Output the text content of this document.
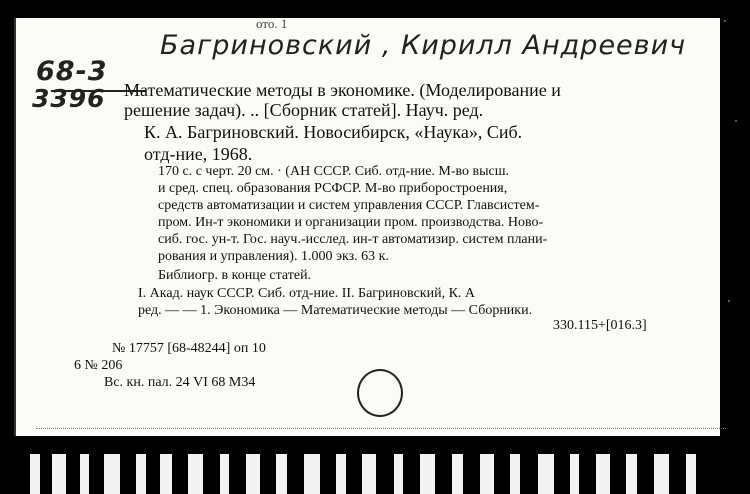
ото. 1
68-3
3396
Багриновский , Кирилл Андреевич
Математические методы в экономике. (Моделирование и
решение задач). .. [Сборник статей]. Науч. ред.
К. А. Багриновский. Новосибирск, «Наука», Сиб.
отд-ние, 1968.
170 с. с черт. 20 см. · (АН СССР. Сиб. отд-ние. М-во высш.
и сред. спец. образования РСФСР. М-во приборостроения,
средств автоматизации и систем управления СССР. Главсистем-
пром. Ин-т экономики и организации пром. производства. Ново-
сиб. гос. ун-т. Гос. науч.-исслед. ин-т автоматизир. систем плани-
рования и управления). 1.000 экз. 63 к.
Библиогр. в конце статей.
I. Акад. наук СССР. Сиб. отд-ние. II. Багриновский, К. А
ред. — — 1. Экономика — Математические методы — Сборники.
330.115+[016.3]
№ 17757 [68-48244] оп 10
6 № 206
Вс. кн. пал. 24 VI 68 М34
